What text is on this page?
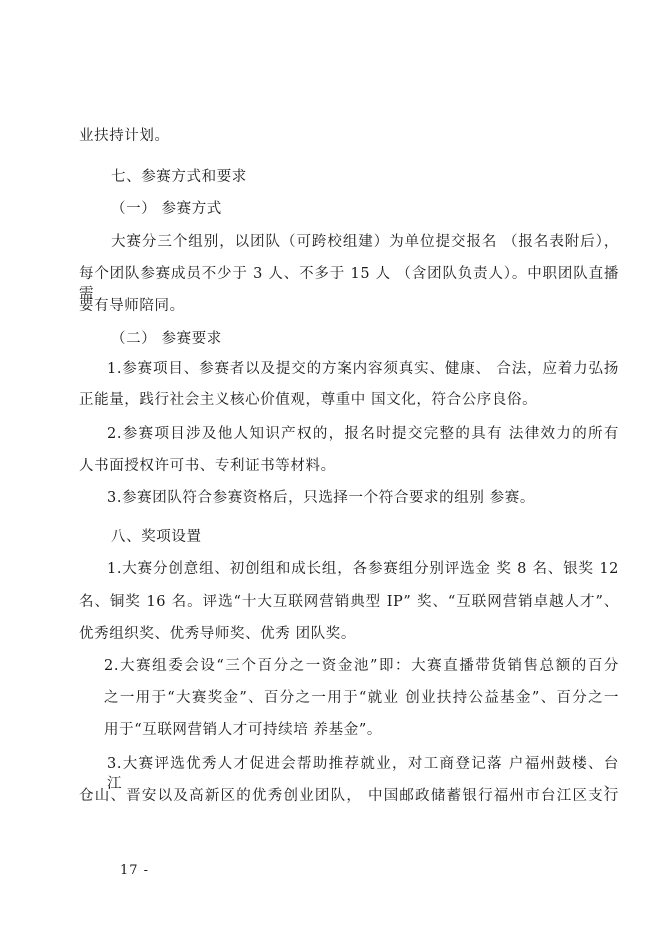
业扶持计划。
七、参赛方式和要求
（一） 参赛方式
大赛分三个组别，以团队（可跨校组建）为单位提交报名 （报名表附后），
每个团队参赛成员不少于 3 人、不多于 15 人 （含团队负责人）。中职团队直播需
要有导师陪同。
（二） 参赛要求
1.参赛项目、参赛者以及提交的方案内容须真实、健康、 合法，应着力弘扬
正能量，践行社会主义核心价值观，尊重中 国文化，符合公序良俗。
2.参赛项目涉及他人知识产权的，报名时提交完整的具有 法律效力的所有
人书面授权许可书、专利证书等材料。
3.参赛团队符合参赛资格后，只选择一个符合要求的组别 参赛。
八、奖项设置
1.大赛分创意组、初创组和成长组，各参赛组分别评选金 奖 8 名、银奖 12
名、铜奖 16 名。评选“十大互联网营销典型 IP” 奖、“互联网营销卓越人才”、
优秀组织奖、优秀导师奖、优秀 团队奖。
2.大赛组委会设“三个百分之一资金池”即：大赛直播带货销售总额的百分
之一用于“大赛奖金”、百分之一用于“就业 创业扶持公益基金”、百分之一
用于“互联网营销人才可持续培 养基金”。
3.大赛评选优秀人才促进会帮助推荐就业，对工商登记落 户福州鼓楼、台江、
仓山、晋安以及高新区的优秀创业团队， 中国邮政储蓄银行福州市台江区支行
17 -
